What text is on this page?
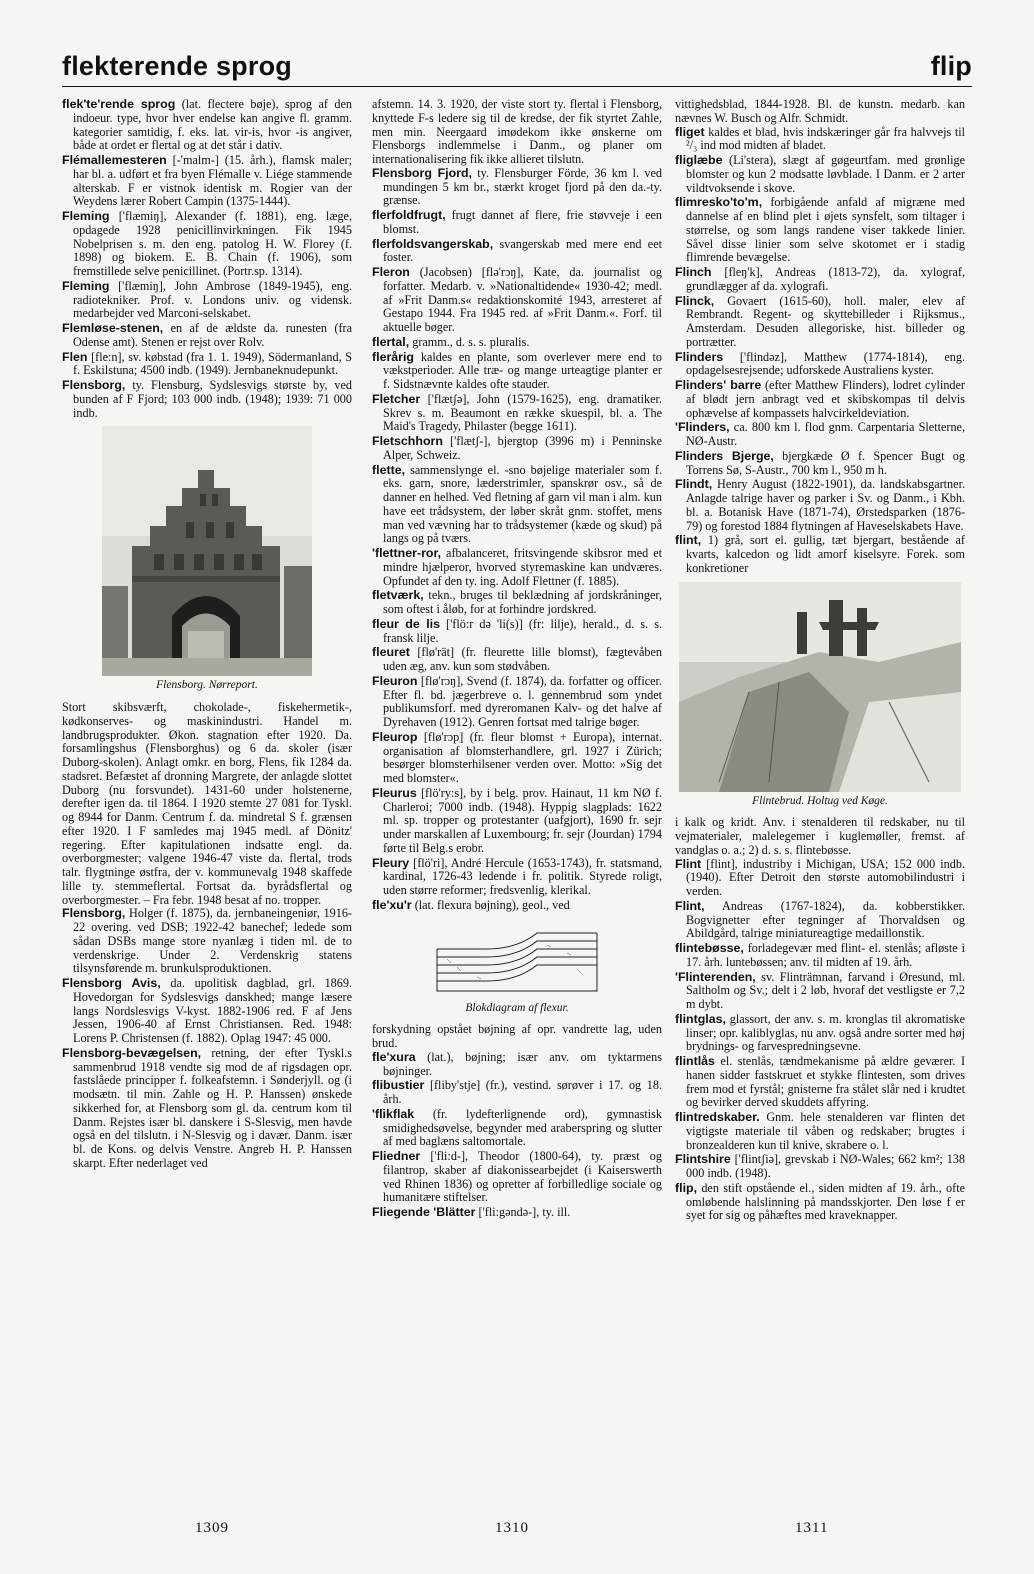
flekterende sprog	flip

flek'te'rende sprog (lat. flectere bøje), sprog af den indoeur. type, hvor hver endelse kan angive fl. gramm. kategorier samtidig, f. eks. lat. vir-is, hvor -is angiver, både at ordet er flertal og at det står i dativ.

Flémallemesteren [-'malm-] (15. årh.), flamsk maler; har bl. a. udført et fra byen Flémalle v. Liége stammende alterskab. F er vistnok identisk m. Rogier van der Weydens lærer Robert Campin (1375-1444).

Fleming ['flæmiŋ], Alexander (f. 1881), eng. læge, opdagede 1928 penicillinvirkningen. Fik 1945 Nobelprisen s. m. den eng. patolog H. W. Florey (f. 1898) og biokem. E. B. Chain (f. 1906), som fremstillede selve penicillinet. (Portr.sp. 1314).

Fleming ['flæmiŋ], John Ambrose (1849-1945), eng. radiotekniker. Prof. v. Londons univ. og vidensk. medarbejder ved Marconi-selskabet.

Flemløse-stenen, en af de ældste da. runesten (fra Odense amt). Stenen er rejst over Rolv.

Flen [fle:n], sv. købstad (fra 1. 1. 1949), Södermanland, S f. Eskilstuna; 4500 indb. (1949). Jernbaneknudepunkt.

Flensborg, ty. Flensburg, Sydslesvigs største by, ved bunden af F Fjord; 103 000 indb. (1948); 1939: 71 000 indb.

Flensborg. Nørreport.

Stort skibsværft, chokolade-, fiskehermetik-, kødkonserves- og maskinindustri. Handel m. landbrugsprodukter. Økon. stagnation efter 1920. Da. forsamlingshus (Flensborghus) og 6 da. skoler (især Duborg-skolen). Anlagt omkr. en borg, Flens, fik 1284 da. stadsret. Befæstet af dronning Margrete, der anlagde slottet Duborg (nu forsvundet). 1431-60 under holstenerne, derefter igen da. til 1864. I 1920 stemte 27 081 for Tyskl. og 8944 for Danm. Centrum f. da. mindretal S f. grænsen efter 1920. I F samledes maj 1945 medl. af Dönitz' regering. Efter kapitulationen indsatte engl. da. overborgmester; valgene 1946-47 viste da. flertal, trods talr. flygtninge østfra, der v. kommunevalg 1948 skaffede lille ty. stemmeflertal. Fortsat da. byrådsflertal og overborgmester. – Fra febr. 1948 besat af no. tropper.

Flensborg, Holger (f. 1875), da. jernbaneingeniør, 1916-22 overing. ved DSB; 1922-42 banechef; ledede som sådan DSBs mange store nyanlæg i tiden ml. de to verdenskrige. Under 2. Verdenskrig statens tilsynsførende m. brunkulsproduktionen.

Flensborg Avis, da. upolitisk dagblad, grl. 1869. Hovedorgan for Sydslesvigs danskhed; mange læsere langs Nordslesvigs V-kyst. 1882-1906 red. F af Jens Jessen, 1906-40 af Ernst Christiansen. Red. 1948: Lorens P. Christensen (f. 1882). Oplag 1947: 45 000.

Flensborg-bevægelsen, retning, der efter Tyskl.s sammenbrud 1918 vendte sig mod de af rigsdagen opr. fastslåede principper f. folkeafstemn. i Sønderjyll. og (i modsætn. til min. Zahle og H. P. Hanssen) ønskede sikkerhed for, at Flensborg som gl. da. centrum kom til Danm. Rejstes især bl. danskere i S-Slesvig, men havde også en del tilslutn. i N-Slesvig og i davær. Danm. især bl. de Kons. og delvis Venstre. Angreb H. P. Hanssen skarpt. Efter nederlaget ved

afstemn. 14. 3. 1920, der viste stort ty. flertal i Flensborg, knyttede F-s ledere sig til de kredse, der fik styrtet Zahle, men min. Neergaard imødekom ikke ønskerne om Flensborgs indlemmelse i Danm., og planer om internationalisering fik ikke allieret tilslutn.

Flensborg Fjord, ty. Flensburger Förde, 36 km l. ved mundingen 5 km br., stærkt kroget fjord på den da.-ty. grænse.

flerfoldfrugt, frugt dannet af flere, frie støvveje i een blomst.

flerfoldsvangerskab, svangerskab med mere end eet foster.

Fleron (Jacobsen) [flə'rɔŋ], Kate, da. journalist og forfatter. Medarb. v. »Nationaltidende« 1930-42; medl. af »Frit Danm.s« redaktionskomité 1943, arresteret af Gestapo 1944. Fra 1945 red. af »Frit Danm.«. Forf. til aktuelle bøger.

flertal, gramm., d. s. s. pluralis.

flerårig kaldes en plante, som overlever mere end to vækstperioder. Alle træ- og mange urteagtige planter er f. Sidstnævnte kaldes ofte stauder.

Fletcher ['flætʃə], John (1579-1625), eng. dramatiker. Skrev s. m. Beaumont en række skuespil, bl. a. The Maid's Tragedy, Philaster (begge 1611).

Fletschhorn ['flætʃ-], bjergtop (3996 m) i Penninske Alper, Schweiz.

flette, sammenslynge el. -sno bøjelige materialer som f. eks. garn, snore, læderstrimler, spanskrør osv., så de danner en helhed. Ved fletning af garn vil man i alm. kun have eet trådsystem, der løber skråt gnm. stoffet, mens man ved vævning har to trådsystemer (kæde og skud) på langs og på tværs.

'flettner-ror, afbalanceret, fritsvingende skibsror med et mindre hjælperor, hvorved styremaskine kan undværes. Opfundet af den ty. ing. Adolf Flettner (f. 1885).

fletværk, tekn., bruges til beklædning af jordskråninger, som oftest i åløb, for at forhindre jordskred.

fleur de lis ['flö:r də 'li(s)] (fr: lilje), herald., d. s. s. fransk lilje.

fleuret [flø'rät] (fr. fleurette lille blomst), fægtevåben uden æg, anv. kun som stødvåben.

Fleuron [flø'rɔŋ], Svend (f. 1874), da. forfatter og officer. Efter fl. bd. jægerbreve o. l. gennembrud som yndet publikumsforf. med dyreromanen Kalv- og det halve af Dyrehaven (1912). Genren fortsat med talrige bøger.

Fleurop [flø'rɔp] (fr. fleur blomst + Europa), internat. organisation af blomsterhandlere, grl. 1927 i Zürich; besørger blomsterhilsener verden over. Motto: »Sig det med blomster«.

Fleurus [flö'ry:s], by i belg. prov. Hainaut, 11 km NØ f. Charleroi; 7000 indb. (1948). Hyppig slagplads: 1622 ml. sp. tropper og protestanter (uafgjort), 1690 fr. sejr under marskallen af Luxembourg; fr. sejr (Jourdan) 1794 førte til Belg.s erobr.

Fleury [flö'ri], André Hercule (1653-1743), fr. statsmand, kardinal, 1726-43 ledende i fr. politik. Styrede roligt, uden større reformer; fredsvenlig, klerikal.

fle'xu'r (lat. flexura bøjning), geol., ved

Blokdiagram af flexur.

forskydning opstået bøjning af opr. vandrette lag, uden brud.

fle'xura (lat.), bøjning; især anv. om tyktarmens bøjninger.

flibustier [fliby'stje] (fr.), vestind. sørøver i 17. og 18. årh.

'flikflak (fr. lydefterlignende ord), gymnastisk smidighedsøvelse, begynder med araberspring og slutter af med baglæns saltomortale.

Fliedner ['fli:d-], Theodor (1800-64), ty. præst og filantrop, skaber af diakonissearbejdet (i Kaiserswerth ved Rhinen 1836) og opretter af forbilledlige sociale og humanitære stiftelser.

Fliegende 'Blätter ['fli:gəndə-], ty. ill.

vittighedsblad, 1844-1928. Bl. de kunstn. medarb. kan nævnes W. Busch og Alfr. Schmidt.

fliget kaldes et blad, hvis indskæringer går fra halvvejs til ²/₃ ind mod midten af bladet.

fliglæbe (Li'stera), slægt af gøgeurtfam. med grønlige blomster og kun 2 modsatte løvblade. I Danm. er 2 arter vildtvoksende i skove.

flimresko'to'm, forbigående anfald af migræne med dannelse af en blind plet i øjets synsfelt, som tiltager i størrelse, og som langs randene viser takkede linier. Såvel disse linier som selve skotomet er i stadig flimrende bevægelse.

Flinch [fleŋ'k], Andreas (1813-72), da. xylograf, grundlægger af da. xylografi.

Flinck, Govaert (1615-60), holl. maler, elev af Rembrandt. Regent- og skyttebilleder i Rijksmus., Amsterdam. Desuden allegoriske, hist. billeder og portrætter.

Flinders ['flindəz], Matthew (1774-1814), eng. opdagelsesrejsende; udforskede Australiens kyster.

Flinders' barre (efter Matthew Flinders), lodret cylinder af blødt jern anbragt ved et skibskompas til delvis ophævelse af kompassets halvcirkeldeviation.

'Flinders, ca. 800 km l. flod gnm. Carpentaria Sletterne, NØ-Austr.

Flinders Bjerge, bjergkæde Ø f. Spencer Bugt og Torrens Sø, S-Austr., 700 km l., 950 m h.

Flindt, Henry August (1822-1901), da. landskabsgartner. Anlagde talrige haver og parker i Sv. og Danm., i Kbh. bl. a. Botanisk Have (1871-74), Ørstedsparken (1876-79) og forestod 1884 flytningen af Haveselskabets Have.

flint, 1) grå, sort el. gullig, tæt bjergart, bestående af kvarts, kalcedon og lidt amorf kiselsyre. Forek. som konkretioner

Flintebrud. Holtug ved Køge.

i kalk og kridt. Anv. i stenalderen til redskaber, nu til vejmaterialer, malelegemer i kuglemøller, fremst. af vandglas o. a.; 2) d. s. s. flintebøsse.

Flint [flint], industriby i Michigan, USA; 152 000 indb. (1940). Efter Detroit den største automobilindustri i verden.

Flint, Andreas (1767-1824), da. kobberstikker. Bogvignetter efter tegninger af Thorvaldsen og Abildgård, talrige miniatureagtige medaillonstik.

flintebøsse, forladegevær med flint- el. stenlås; afløste i 17. årh. luntebøssen; anv. til midten af 19. årh.

'Flinterenden, sv. Flinträmnan, farvand i Øresund, ml. Saltholm og Sv.; delt i 2 løb, hvoraf det vestligste er 7,2 m dybt.

flintglas, glassort, der anv. s. m. kronglas til akromatiske linser; opr. kaliblyglas, nu anv. også andre sorter med høj brydnings- og farvespredningsevne.

flintlås el. stenlås, tændmekanisme på ældre geværer. I hanen sidder fastskruet et stykke flintesten, som drives frem mod et fyrstål; gnisterne fra stålet slår ned i krudtet og bevirker derved skuddets affyring.

flintredskaber. Gnm. hele stenalderen var flinten det vigtigste materiale til våben og redskaber; brugtes i bronzealderen kun til knive, skrabere o. l.

Flintshire ['flintʃiə], grevskab i NØ-Wales; 662 km²; 138 000 indb. (1948).

flip, den stift opstående el., siden midten af 19. årh., ofte omløbende halslinning på mandsskjorter. Den løse f er syet for sig og påhæftes med kraveknapper.

1309	1310	1311
